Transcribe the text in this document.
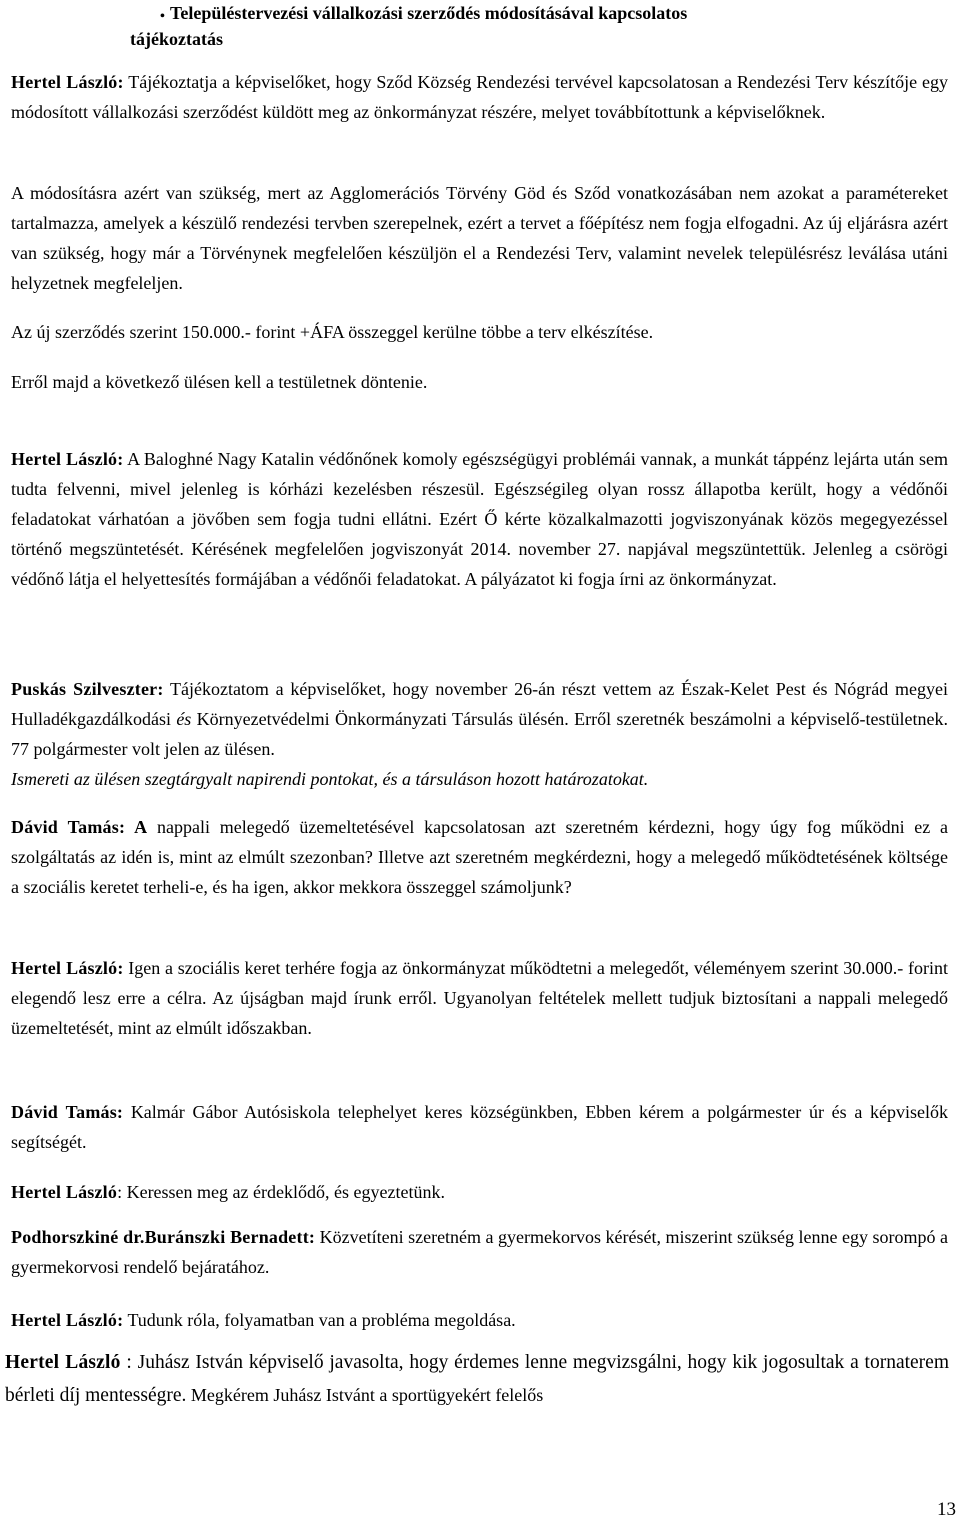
• Településtervezési vállalkozási szerződés módosításával kapcsolatos
tájékoztatás

Hertel László: Tájékoztatja a képviselőket, hogy Sződ Község Rendezési tervével kapcsolatosan a Rendezési Terv készítője egy módosított vállalkozási szerződést küldött meg az önkormányzat részére, melyet továbbítottunk a képviselőknek.

A módosításra azért van szükség, mert az Agglomerációs Törvény Göd és Sződ vonatkozásában nem azokat a paramétereket tartalmazza, amelyek a készülő rendezési tervben szerepelnek, ezért a tervet a főépítész nem fogja elfogadni. Az új eljárásra azért van szükség, hogy már a Törvénynek megfelelően készüljön el a Rendezési Terv, valamint nevelek településrész leválása utáni helyzetnek megfeleljen.

Az új szerződés szerint 150.000.- forint +ÁFA összeggel kerülne többe a terv elkészítése.

Erről majd a következő ülésen kell a testületnek döntenie.

Hertel László: A Baloghné Nagy Katalin védőnőnek komoly egészségügyi problémái vannak, a munkát táppénz lejárta után sem tudta felvenni, mivel jelenleg is kórházi kezelésben részesül. Egészségileg olyan rossz állapotba került, hogy a védőnői feladatokat várhatóan a jövőben sem fogja tudni ellátni. Ezért Ő kérte közalkalmazotti jogviszonyának közös megegyezéssel történő megszüntetését. Kérésének megfelelően jogviszonyát 2014. november 27. napjával megszüntettük. Jelenleg a csörögi védőnő látja el helyettesítés formájában a védőnői feladatokat. A pályázatot ki fogja írni az önkormányzat.

Puskás Szilveszter: Tájékoztatom a képviselőket, hogy november 26-án részt vettem az Észak-Kelet Pest és Nógrád megyei Hulladékgazdálkodási és Környezetvédelmi Önkormányzati Társulás ülésén. Erről szeretnék beszámolni a képviselő-testületnek. 77 polgármester volt jelen az ülésen.
Ismereti az ülésen szegtárgyalt napirendi pontokat, és a társuláson hozott határozatokat.

Dávid Tamás: A nappali melegedő üzemeltetésével kapcsolatosan azt szeretném kérdezni, hogy úgy fog működni ez a szolgáltatás az idén is, mint az elmúlt szezonban? Illetve azt szeretném megkérdezni, hogy a melegedő működtetésének költsége a szociális keretet terheli-e, és ha igen, akkor mekkora összeggel számoljunk?

Hertel László: Igen a szociális keret terhére fogja az önkormányzat működtetni a melegedőt, véleményem szerint 30.000.- forint elegendő lesz erre a célra. Az újságban majd írunk erről. Ugyanolyan feltételek mellett tudjuk biztosítani a nappali melegedő üzemeltetését, mint az elmúlt időszakban.

Dávid Tamás: Kalmár Gábor Autósiskola telephelyet keres községünkben, Ebben kérem a polgármester úr és a képviselők segítségét.

Hertel László: Keressen meg az érdeklődő, és egyeztetünk.

Podhorszkiné dr.Buránszki Bernadett: Közvetíteni szeretném a gyermekorvos kérését, miszerint szükség lenne egy sorompó a gyermekorvosi rendelő bejáratához.

Hertel László: Tudunk róla, folyamatban van a probléma megoldása.

Hertel László : Juhász István képviselő javasolta, hogy érdemes lenne megvizsgálni, hogy kik jogosultak a tornaterem bérleti díj mentességre. Megkérem Juhász Istvánt a sportügyekért felelős

13
